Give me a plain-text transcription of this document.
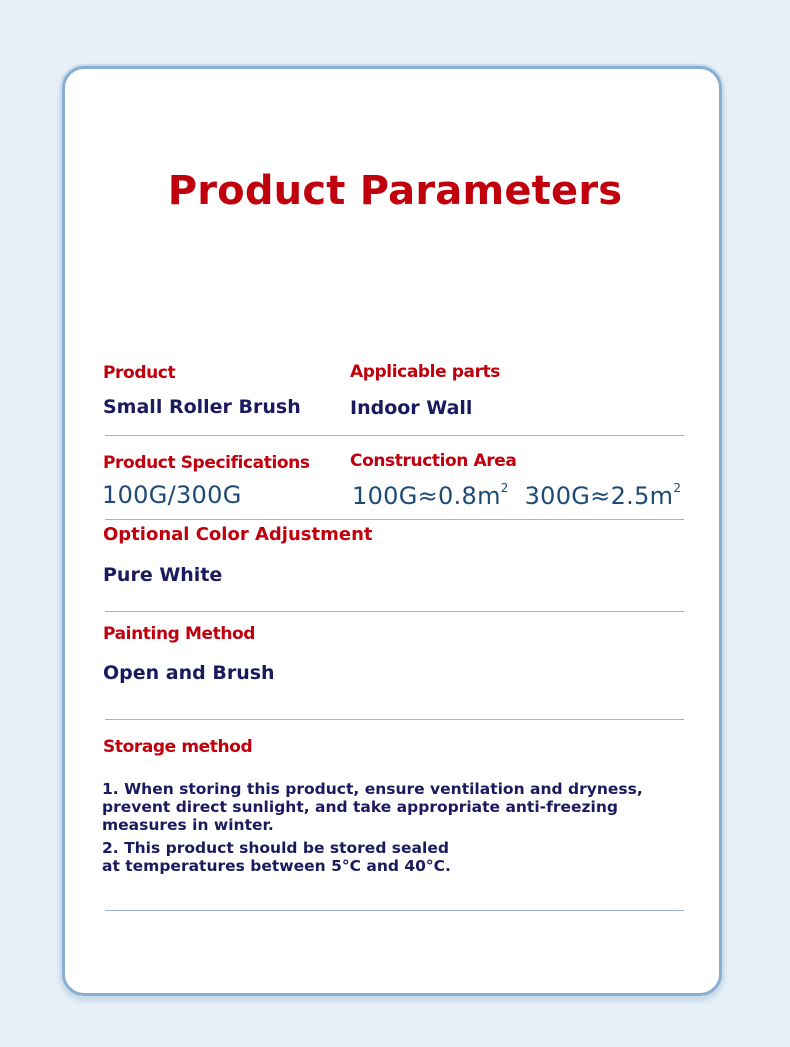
Product Parameters
Product
Small Roller Brush
Applicable parts
Indoor Wall
Product Specifications
100G/300G
Construction Area
$100G\approx 0.8m^2$ $300G\approx 2.5m^2$
Optional Color Adjustment
Pure White
Painting Method
Open and Brush
Storage method
1. When storing this product, ensure ventilation and dryness, prevent direct sunlight, and take appropriate anti-freezing measures in winter.
2. This product should be stored sealed at temperatures between 5°C and 40°C.
